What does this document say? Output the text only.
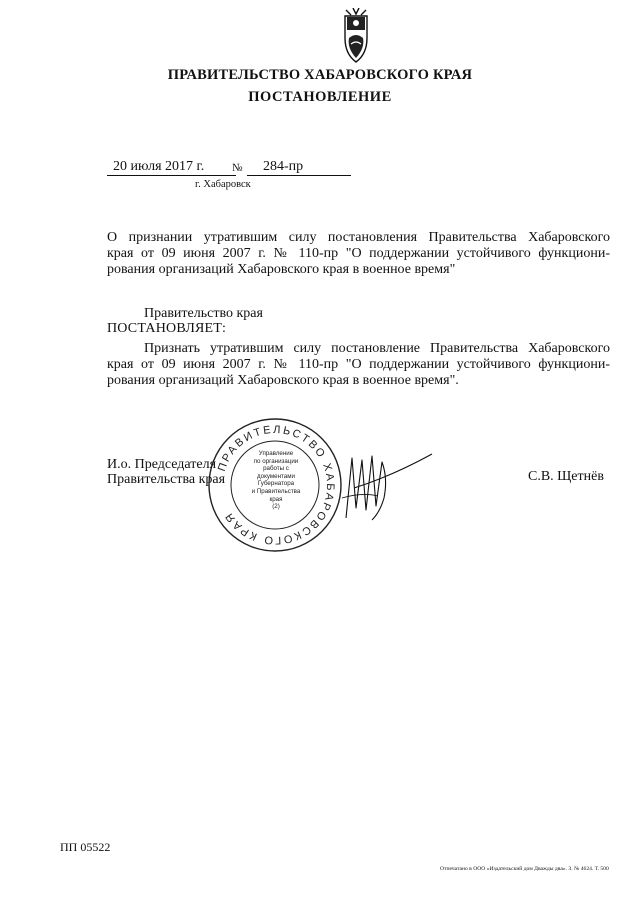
ПРАВИТЕЛЬСТВО ХАБАРОВСКОГО КРАЯ
ПОСТАНОВЛЕНИЕ
20 июля 2017 г.	№	284-пр
г. Хабаровск
О признании утратившим силу постановления Правительства Хабаровского
края от 09 июня 2007 г. № 110-пр "О поддержании устойчивого функциони-
рования организаций Хабаровского края в военное время"
Правительство края
ПОСТАНОВЛЯЕТ:
Признать утратившим силу постановление Правительства Хабаровского
края от 09 июня 2007 г. № 110-пр "О поддержании устойчивого функциони-
рования организаций Хабаровского края в военное время".
ПРАВИТЕЛЬСТВО ХАБАРОВСКОГО КРАЯ
Управление
по организации
работы с документами
Губернатора
и Правительства
края
(2)
И.о. Председателя
Правительства края	С.В. Щетнёв
ПП 05522
Отпечатано в ООО «Издательский дом Дважды два». З. № 4624. Т. 500
